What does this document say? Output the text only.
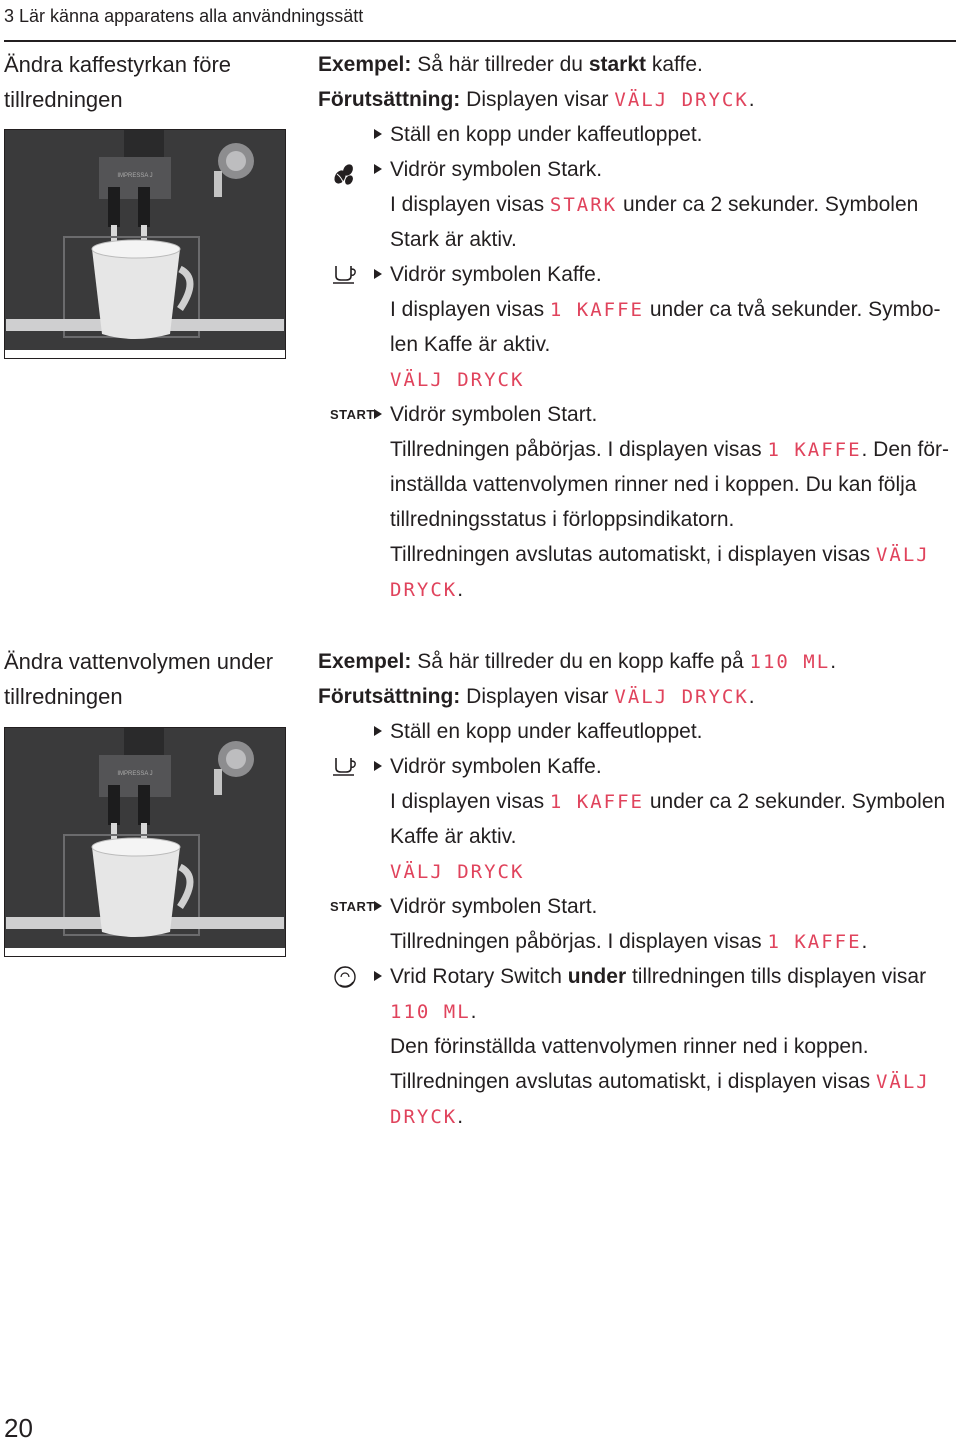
3 Lär känna apparatens alla användningssätt
Ändra kaffestyrkan före
tillredningen
IMPRESSA J
Exempel: Så här tillreder du starkt kaffe.
Förutsättning: Displayen visar VÄLJ DRYCK.
Ställ en kopp under kaffeutloppet.
Vidrör symbolen Stark.
I displayen visas STARK under ca 2 sekunder. Symbolen
Stark är aktiv.
Vidrör symbolen Kaffe.
I displayen visas 1 KAFFE under ca två sekunder. Symbo-
len Kaffe är aktiv.
VÄLJ DRYCK
START Vidrör symbolen Start.
Tillredningen påbörjas. I displayen visas 1 KAFFE. Den för-
inställda vattenvolymen rinner ned i koppen. Du kan följa
tillredningsstatus i förloppsindikatorn.
Tillredningen avslutas automatiskt, i displayen visas VÄLJ
DRYCK.
Ändra vattenvolymen under
tillredningen
IMPRESSA J
Exempel: Så här tillreder du en kopp kaffe på 110 ML.
Förutsättning: Displayen visar VÄLJ DRYCK.
Ställ en kopp under kaffeutloppet.
Vidrör symbolen Kaffe.
I displayen visas 1 KAFFE under ca 2 sekunder. Symbolen
Kaffe är aktiv.
VÄLJ DRYCK
START Vidrör symbolen Start.
Tillredningen påbörjas. I displayen visas 1 KAFFE.
Vrid Rotary Switch under tillredningen tills displayen visar
110 ML.
Den förinställda vattenvolymen rinner ned i koppen.
Tillredningen avslutas automatiskt, i displayen visas VÄLJ
DRYCK.
20
